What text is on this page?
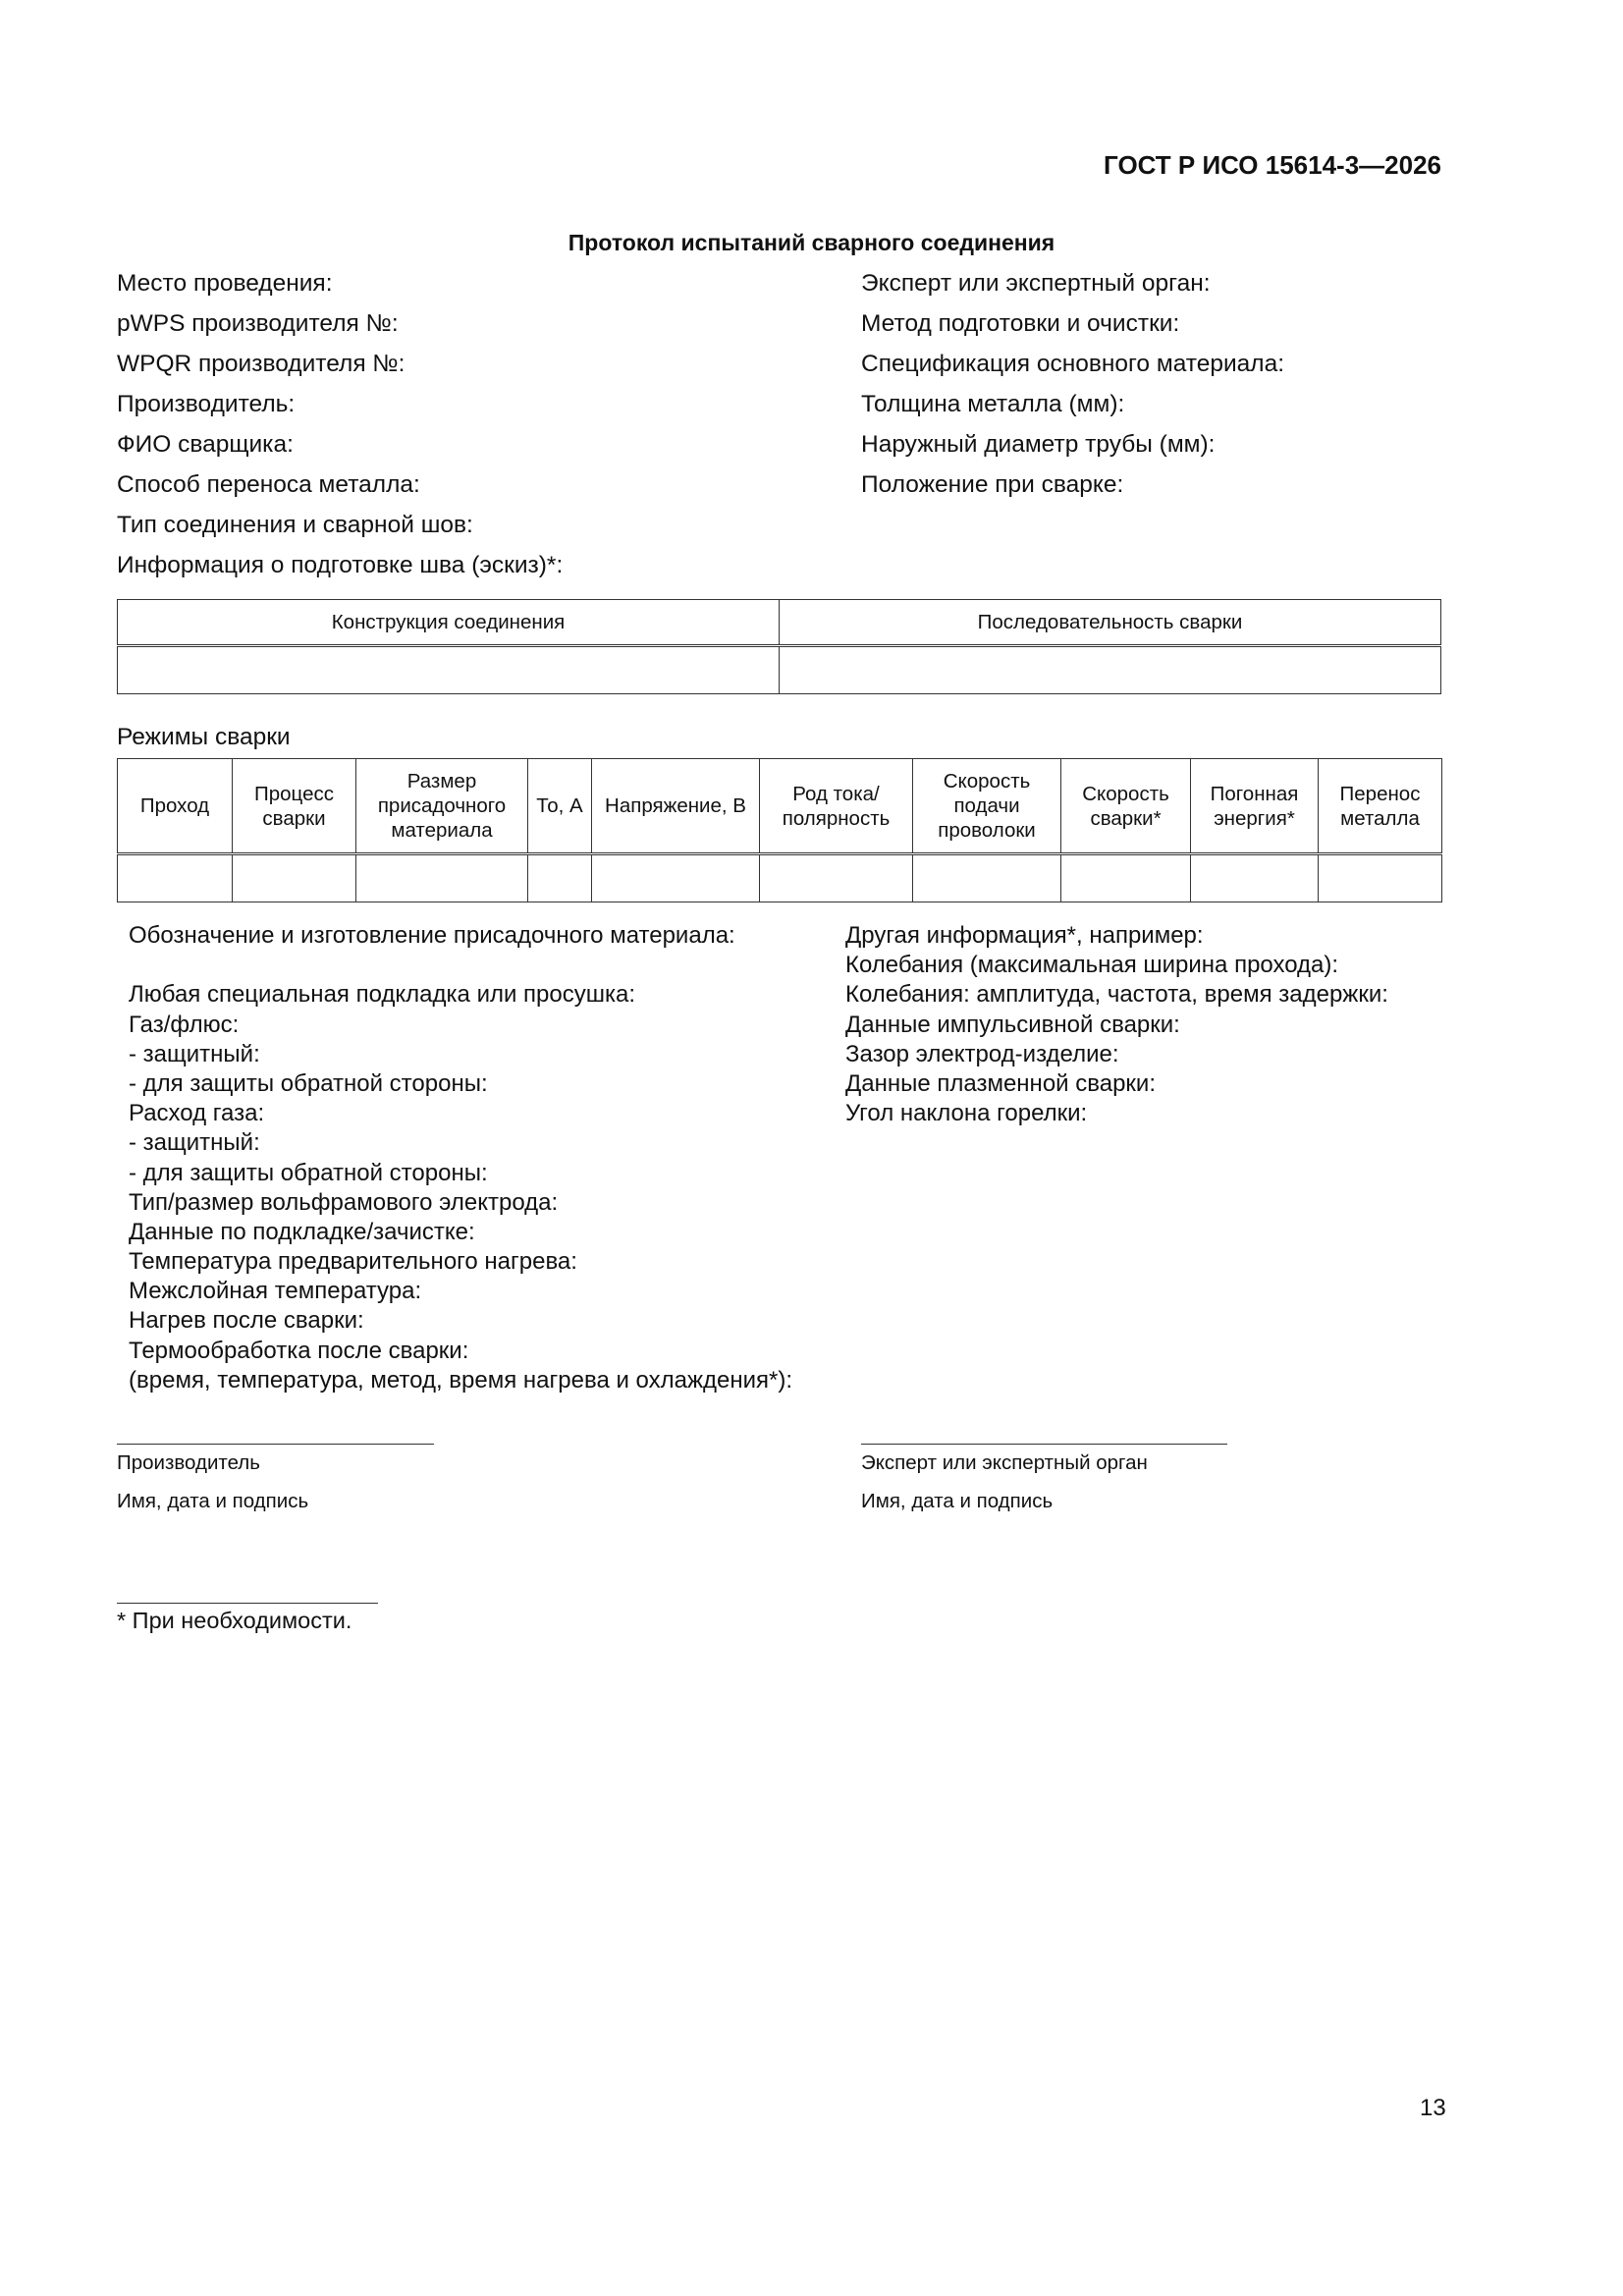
ГОСТ Р ИСО 15614-3—2026
Протокол испытаний сварного соединения
Место проведения:
pWPS производителя №:
WPQR производителя №:
Производитель:
ФИО сварщика:
Способ переноса металла:
Тип соединения и сварной шов:
Информация о подготовке шва (эскиз)*:
Эксперт или экспертный орган:
Метод подготовки и очистки:
Спецификация основного материала:
Толщина металла (мм):
Наружный диаметр трубы (мм):
Положение при сварке:
Конструкция соединения	Последовательность сварки

Режимы сварки
Проход	Процесс сварки	Размер присадочного материала	То, А	Напряжение, В	Род тока/ полярность	Скорость подачи проволоки	Скорость сварки*	Погонная энергия*	Перенос металла

Обозначение и изготовление присадочного материала:
Любая специальная подкладка или просушка:
Газ/флюс:
- защитный:
- для защиты обратной стороны:
Расход газа:
- защитный:
- для защиты обратной стороны:
Тип/размер вольфрамового электрода:
Данные по подкладке/зачистке:
Температура предварительного нагрева:
Межслойная температура:
Нагрев после сварки:
Термообработка после сварки:
(время, температура, метод, время нагрева и охлаждения*):
Другая информация*, например:
Колебания (максимальная ширина прохода):
Колебания: амплитуда, частота, время задержки:
Данные импульсивной сварки:
Зазор электрод-изделие:
Данные плазменной сварки:
Угол наклона горелки:
Производитель
Имя, дата и подпись
Эксперт или экспертный орган
Имя, дата и подпись
* При необходимости.
13
